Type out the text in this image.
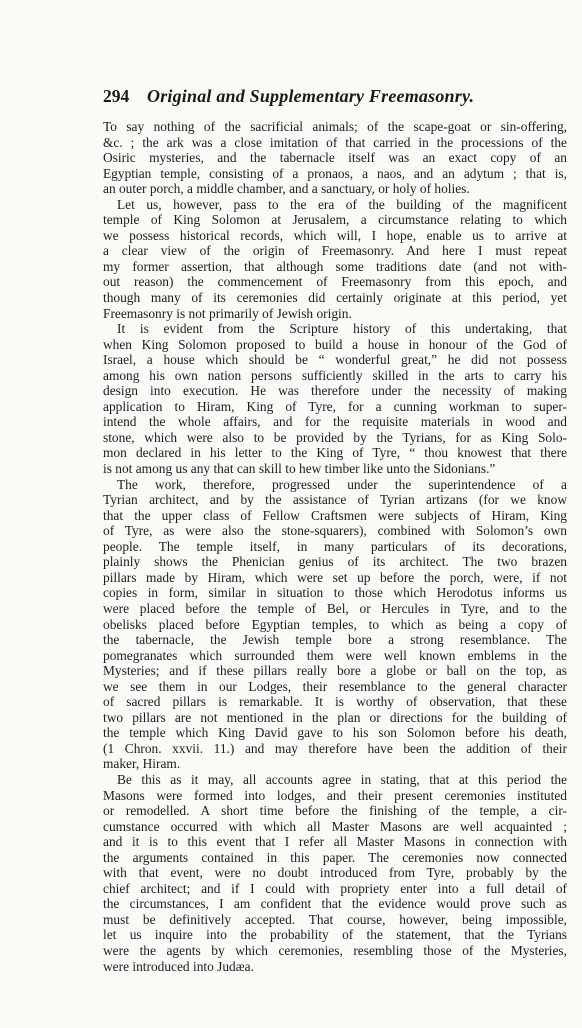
294 Original and Supplementary Freemasonry.
To say nothing of the sacrificial animals; of the scape-goat or sin-offering,
&c. ; the ark was a close imitation of that carried in the processions of the
Osiric mysteries, and the tabernacle itself was an exact copy of an
Egyptian temple, consisting of a pronaos, a naos, and an adytum ; that is,
an outer porch, a middle chamber, and a sanctuary, or holy of holies.
Let us, however, pass to the era of the building of the magnificent
temple of King Solomon at Jerusalem, a circumstance relating to which
we possess historical records, which will, I hope, enable us to arrive at
a clear view of the origin of Freemasonry. And here I must repeat
my former assertion, that although some traditions date (and not with-
out reason) the commencement of Freemasonry from this epoch, and
though many of its ceremonies did certainly originate at this period, yet
Freemasonry is not primarily of Jewish origin.
It is evident from the Scripture history of this undertaking, that
when King Solomon proposed to build a house in honour of the God of
Israel, a house which should be “ wonderful great,” he did not possess
among his own nation persons sufficiently skilled in the arts to carry his
design into execution. He was therefore under the necessity of making
application to Hiram, King of Tyre, for a cunning workman to super-
intend the whole affairs, and for the requisite materials in wood and
stone, which were also to be provided by the Tyrians, for as King Solo-
mon declared in his letter to the King of Tyre, “ thou knowest that there
is not among us any that can skill to hew timber like unto the Sidonians.”
The work, therefore, progressed under the superintendence of a
Tyrian architect, and by the assistance of Tyrian artizans (for we know
that the upper class of Fellow Craftsmen were subjects of Hiram, King
of Tyre, as were also the stone-squarers), combined with Solomon’s own
people. The temple itself, in many particulars of its decorations,
plainly shows the Phenician genius of its architect. The two brazen
pillars made by Hiram, which were set up before the porch, were, if not
copies in form, similar in situation to those which Herodotus informs us
were placed before the temple of Bel, or Hercules in Tyre, and to the
obelisks placed before Egyptian temples, to which as being a copy of
the tabernacle, the Jewish temple bore a strong resemblance. The
pomegranates which surrounded them were well known emblems in the
Mysteries; and if these pillars really bore a globe or ball on the top, as
we see them in our Lodges, their resemblance to the general character
of sacred pillars is remarkable. It is worthy of observation, that these
two pillars are not mentioned in the plan or directions for the building of
the temple which King David gave to his son Solomon before his death,
(1 Chron. xxvii. 11.) and may therefore have been the addition of their
maker, Hiram.
Be this as it may, all accounts agree in stating, that at this period the
Masons were formed into lodges, and their present ceremonies instituted
or remodelled. A short time before the finishing of the temple, a cir-
cumstance occurred with which all Master Masons are well acquainted ;
and it is to this event that I refer all Master Masons in connection with
the arguments contained in this paper. The ceremonies now connected
with that event, were no doubt introduced from Tyre, probably by the
chief architect; and if I could with propriety enter into a full detail of
the circumstances, I am confident that the evidence would prove such as
must be definitively accepted. That course, however, being impossible,
let us inquire into the probability of the statement, that the Tyrians
were the agents by which ceremonies, resembling those of the Mysteries,
were introduced into Judæa.
